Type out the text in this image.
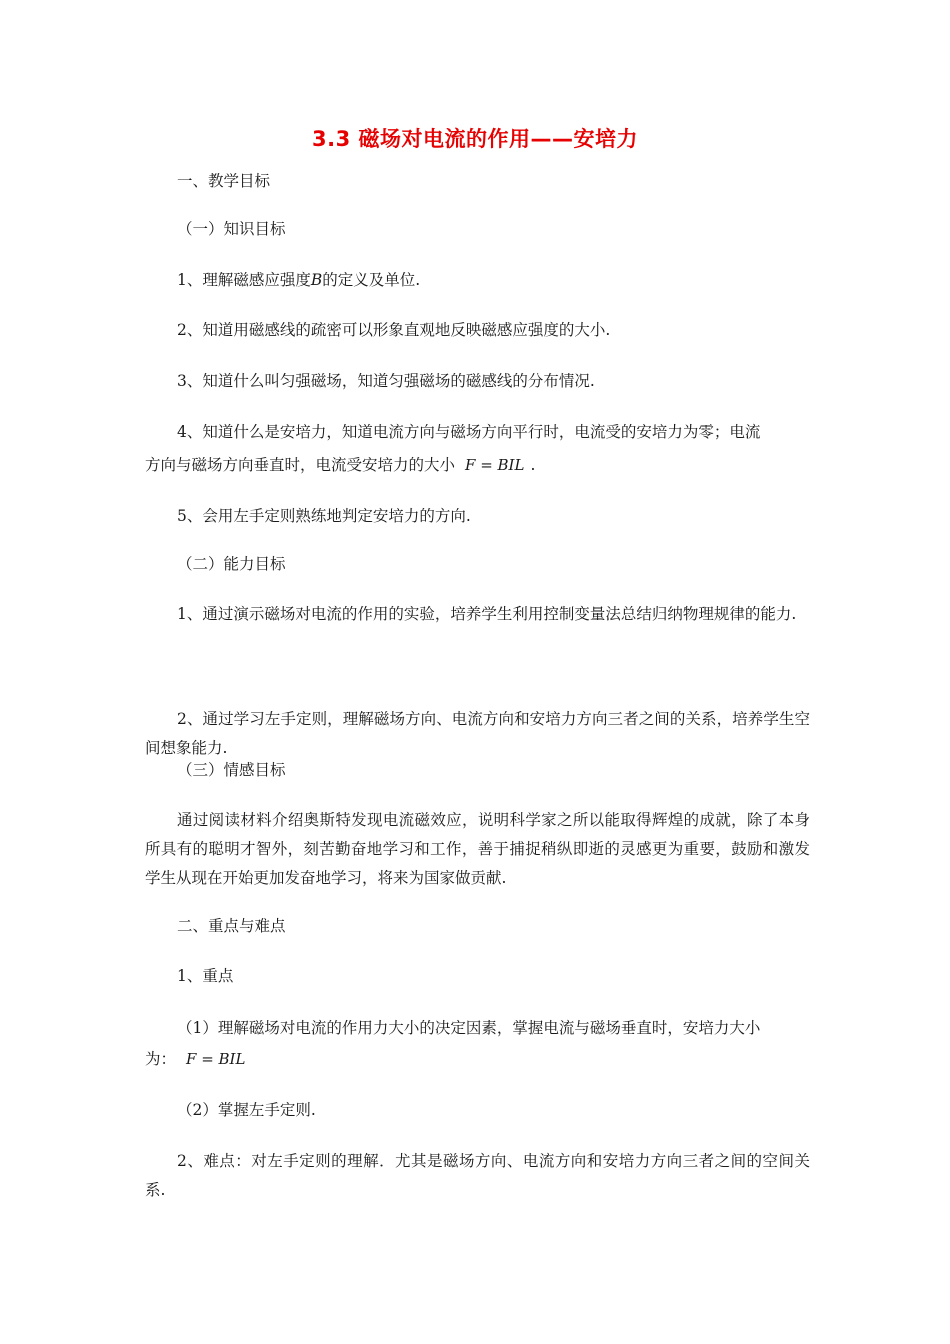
3.3 磁场对电流的作用——安培力
一、教学目标
（一）知识目标
1、理解磁感应强度B的定义及单位.
2、知道用磁感线的疏密可以形象直观地反映磁感应强度的大小.
3、知道什么叫匀强磁场，知道匀强磁场的磁感线的分布情况.
4、知道什么是安培力，知道电流方向与磁场方向平行时，电流受的安培力为零；电流
方向与磁场方向垂直时，电流受安培力的大小 F = BIL .
5、会用左手定则熟练地判定安培力的方向.
（二）能力目标
1、通过演示磁场对电流的作用的实验，培养学生利用控制变量法总结归纳物理规律的能力.
2、通过学习左手定则，理解磁场方向、电流方向和安培力方向三者之间的关系，培养学生空间想象能力.
（三）情感目标
通过阅读材料介绍奥斯特发现电流磁效应，说明科学家之所以能取得辉煌的成就，除了本身所具有的聪明才智外，刻苦勤奋地学习和工作，善于捕捉稍纵即逝的灵感更为重要，鼓励和激发学生从现在开始更加发奋地学习，将来为国家做贡献.
二、重点与难点
1、重点
（1）理解磁场对电流的作用力大小的决定因素，掌握电流与磁场垂直时，安培力大小
为： F = BIL
（2）掌握左手定则.
2、难点：对左手定则的理解．尤其是磁场方向、电流方向和安培力方向三者之间的空间关系.
